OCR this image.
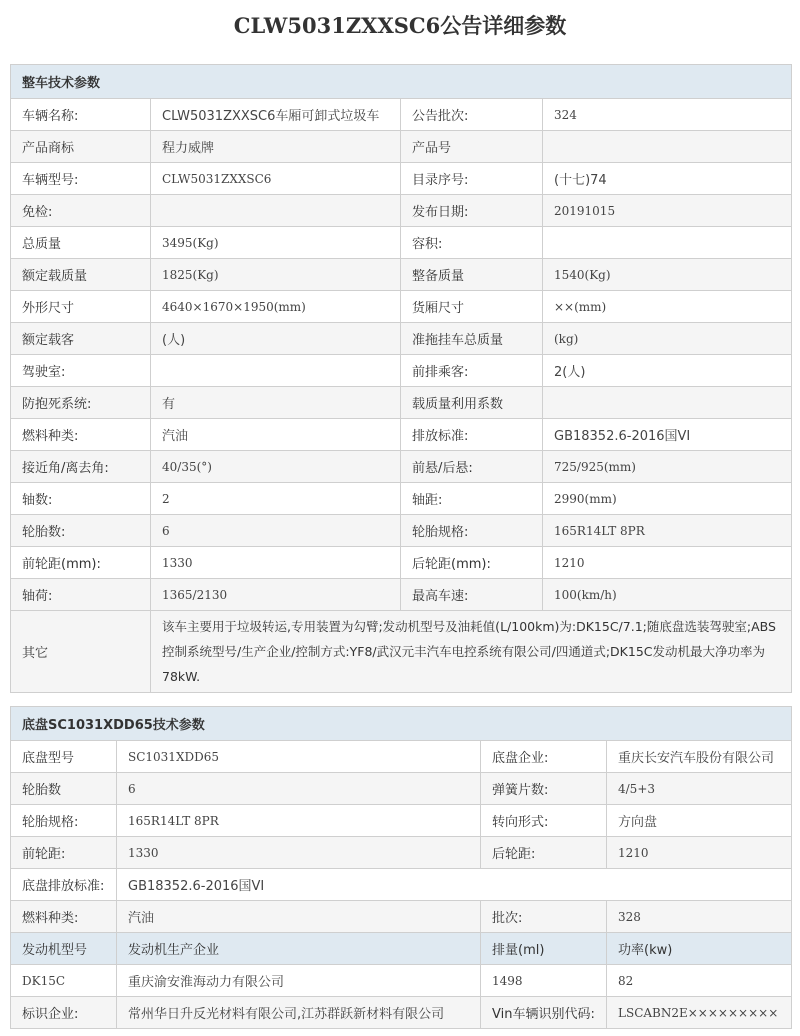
CLW5031ZXXSC6公告详细参数
整车技术参数			
车辆名称:	CLW5031ZXXSC6车厢可卸式垃圾车	公告批次:	324
产品商标	程力威牌	产品号	
车辆型号:	CLW5031ZXXSC6	目录序号:	(十七)74
免检:		发布日期:	20191015
总质量	3495(Kg)	容积:	
额定载质量	1825(Kg)	整备质量	1540(Kg)
外形尺寸	4640×1670×1950(mm)	货厢尺寸	××(mm)
额定载客	(人)	准拖挂车总质量	(kg)
驾驶室:		前排乘客:	2(人)
防抱死系统:	有	载质量利用系数	
燃料种类:	汽油	排放标准:	GB18352.6-2016国VI
接近角/离去角:	40/35(°)	前悬/后悬:	725/925(mm)
轴数:	2	轴距:	2990(mm)
轮胎数:	6	轮胎规格:	165R14LT 8PR
前轮距(mm):	1330	后轮距(mm):	1210
轴荷:	1365/2130	最高车速:	100(km/h)
其它	该车主要用于垃圾转运,专用装置为勾臂;发动机型号及油耗值(L/100km)为:DK15C/7.1;随底盘选装驾驶室;ABS控制系统型号/生产企业/控制方式:YF8/武汉元丰汽车电控系统有限公司/四通道式;DK15C发动机最大净功率为78kW.		
底盘SC1031XDD65技术参数			
底盘型号	SC1031XDD65	底盘企业:	重庆长安汽车股份有限公司
轮胎数	6	弹簧片数:	4/5+3
轮胎规格:	165R14LT 8PR	转向形式:	方向盘
前轮距:	1330	后轮距:	1210
底盘排放标准:	GB18352.6-2016国VI		
燃料种类:	汽油	批次:	328
发动机型号	发动机生产企业	排量(ml)	功率(kw)
DK15C	重庆渝安淮海动力有限公司	1498	82
标识企业:	常州华日升反光材料有限公司,江苏群跃新材料有限公司	Vin车辆识别代码:	LSCABN2E×××××××××
